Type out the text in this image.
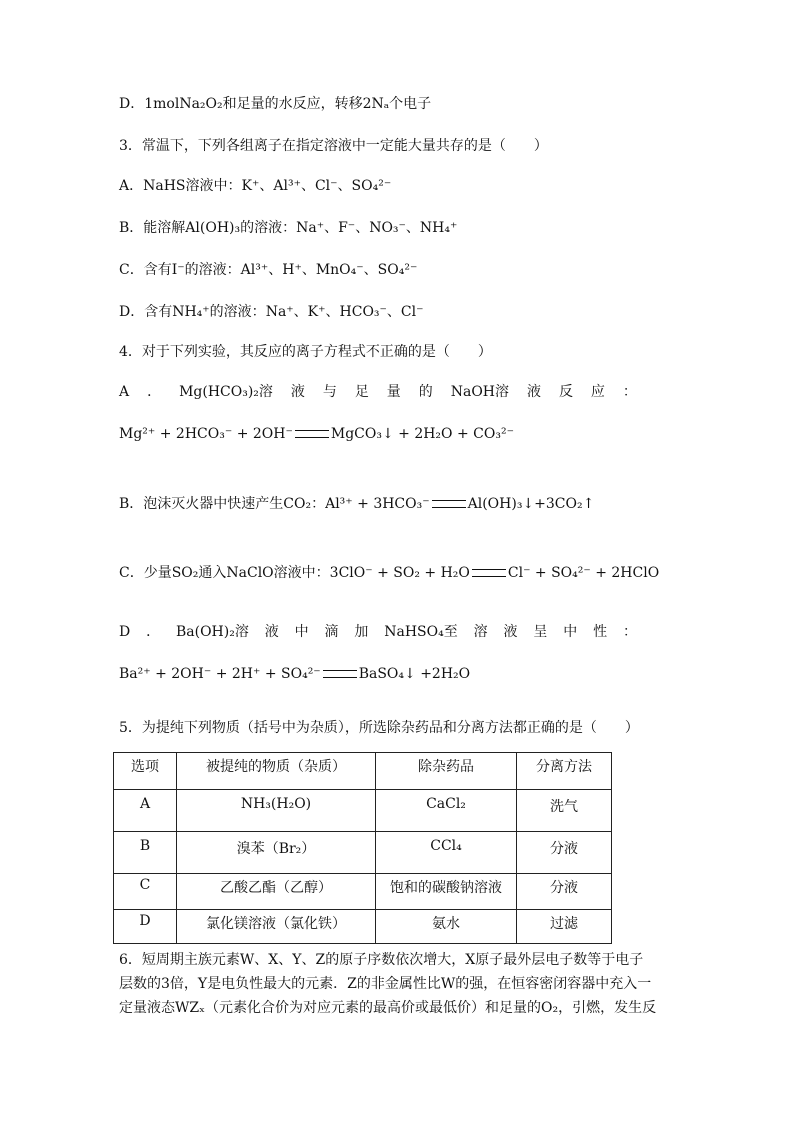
D．1molNa₂O₂和足量的水反应，转移2Nₐ个电子
3．常温下，下列各组离子在指定溶液中一定能大量共存的是（　　）
A．NaHS溶液中：K⁺、Al³⁺、Cl⁻、SO₄²⁻
B．能溶解Al(OH)₃的溶液：Na⁺、F⁻、NO₃⁻、NH₄⁺
C．含有I⁻的溶液：Al³⁺、H⁺、MnO₄⁻、SO₄²⁻
D．含有NH₄⁺的溶液：Na⁺、K⁺、HCO₃⁻、Cl⁻
4．对于下列实验，其反应的离子方程式不正确的是（　　）
A ． Mg(HCO₃)₂溶 液 与 足 量 的 NaOH溶 液 反 应 ：
Mg²⁺ + 2HCO₃⁻ + 2OH⁻	MgCO₃↓ + 2H₂O + CO₃²⁻
B．泡沫灭火器中快速产生CO₂：Al³⁺ + 3HCO₃⁻	Al(OH)₃↓+3CO₂↑
C．少量SO₂通入NaClO溶液中：3ClO⁻ + SO₂ + H₂O	Cl⁻ + SO₄²⁻ + 2HClO
D ． Ba(OH)₂溶 液 中 滴 加 NaHSO₄至 溶 液 呈 中 性 ：
Ba²⁺ + 2OH⁻ + 2H⁺ + SO₄²⁻	BaSO₄↓ +2H₂O
5．为提纯下列物质（括号中为杂质），所选除杂药品和分离方法都正确的是（　　）
选项	被提纯的物质（杂质）	除杂药品	分离方法
A	NH₃(H₂O)	CaCl₂	洗气
B	溴苯（Br₂）	CCl₄	分液
C	乙酸乙酯（乙醇）	饱和的碳酸钠溶液	分液
D	氯化镁溶液（氯化铁）	氨水	过滤
6．短周期主族元素W、X、Y、Z的原子序数依次增大，X原子最外层电子数等于电子
层数的3倍，Y是电负性最大的元素．Z的非金属性比W的强，在恒容密闭容器中充入一
定量液态WZₓ（元素化合价为对应元素的最高价或最低价）和足量的O₂，引燃，发生反
